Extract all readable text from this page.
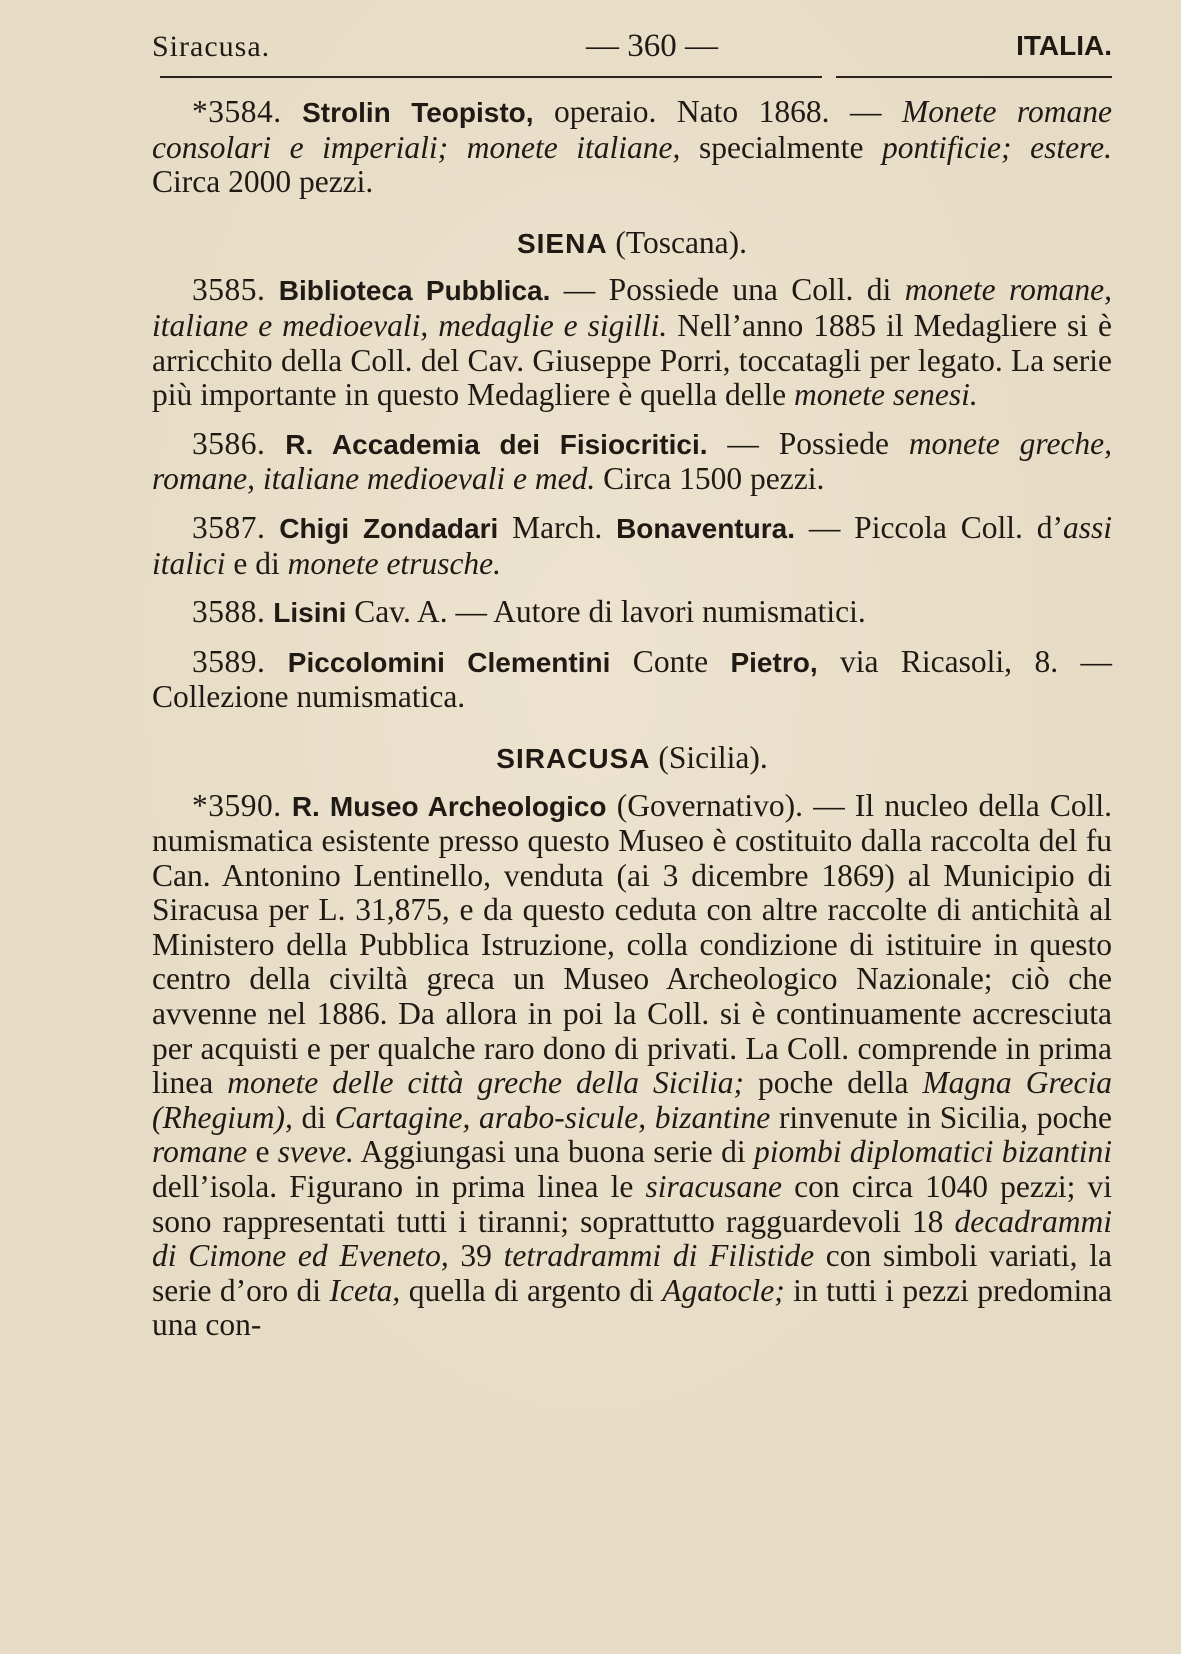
Siracusa.	— 360 —	ITALIA.

*3584. Strolin Teopisto, operaio. Nato 1868. — Monete romane consolari e imperiali; monete italiane, specialmente pontificie; estere. Circa 2000 pezzi.

SIENA (Toscana).

3585. Biblioteca Pubblica. — Possiede una Coll. di monete romane, italiane e medioevali, medaglie e sigilli. Nell’anno 1885 il Medagliere si è arricchito della Coll. del Cav. Giuseppe Porri, toccatagli per legato. La serie più importante in questo Medagliere è quella delle monete senesi.

3586. R. Accademia dei Fisiocritici. — Possiede monete greche, romane, italiane medioevali e med. Circa 1500 pezzi.

3587. Chigi Zondadari March. Bonaventura. — Piccola Coll. d’assi italici e di monete etrusche.

3588. Lisini Cav. A. — Autore di lavori numismatici.

3589. Piccolomini Clementini Conte Pietro, via Ricasoli, 8. — Collezione numismatica.

SIRACUSA (Sicilia).

*3590. R. Museo Archeologico (Governativo). — Il nucleo della Coll. numismatica esistente presso questo Museo è costituito dalla raccolta del fu Can. Antonino Lentinello, venduta (ai 3 dicembre 1869) al Municipio di Siracusa per L. 31,875, e da questo ceduta con altre raccolte di antichità al Ministero della Pubblica Istruzione, colla condizione di istituire in questo centro della civiltà greca un Museo Archeologico Nazionale; ciò che avvenne nel 1886. Da allora in poi la Coll. si è continuamente accresciuta per acquisti e per qualche raro dono di privati. La Coll. comprende in prima linea monete delle città greche della Sicilia; poche della Magna Grecia (Rhegium), di Cartagine, arabo-sicule, bizantine rinvenute in Sicilia, poche romane e sveve. Aggiungasi una buona serie di piombi diplomatici bizantini dell’isola. Figurano in prima linea le siracusane con circa 1040 pezzi; vi sono rappresentati tutti i tiranni; soprattutto ragguardevoli 18 decadrammi di Cimone ed Eveneto, 39 tetradrammi di Filistide con simboli variati, la serie d’oro di Iceta, quella di argento di Agatocle; in tutti i pezzi predomina una con-
